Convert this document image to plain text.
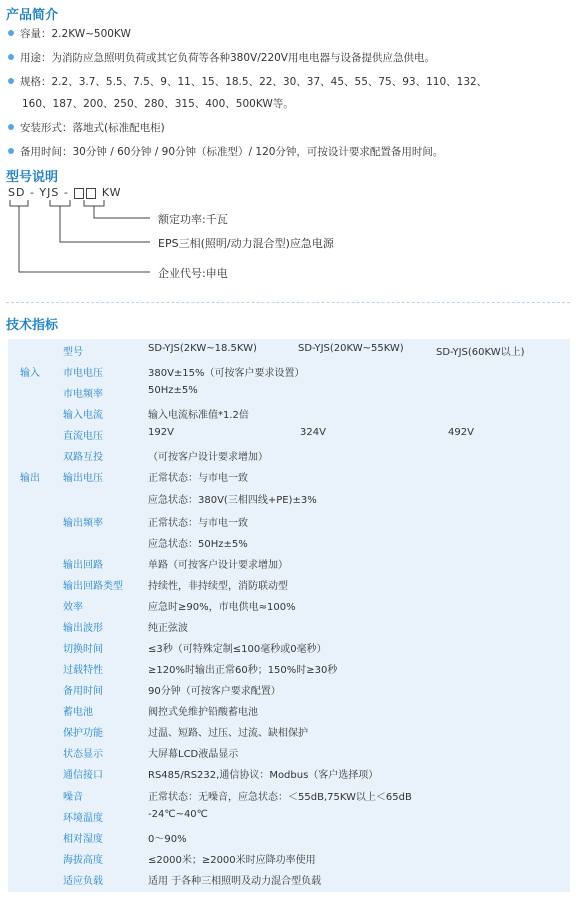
产品简介
容量：2.2KW~500KW
用途：为消防应急照明负荷或其它负荷等各种380V/220V用电电器与设备提供应急供电。
规格：2.2、3.7、5.5、7.5、9、11、15、18.5、22、30、37、45、55、75、93、110、132、
160、187、200、250、280、315、400、500KW等。
安装形式：落地式(标准配电柜)
备用时间：30分钟 / 60分钟 / 90分钟（标准型）/ 120分钟，可按设计要求配置备用时间。
型号说明
SD - YJS -  KW
额定功率:千瓦
EPS三相(照明/动力混合型)应急电源
企业代号:申电
技术指标
型号	SD-YJS(2KW~18.5KW)	SD-YJS(20KW~55KW)	SD-YJS(60KW以上)
输入 市电电压	380V±15%（可按客户要求设置）
市电频率	50Hz±5%
输入电流	输入电流标准值*1.2倍
直流电压	192V	324V	492V
双路互投	（可按客户设计要求增加）
输出 输出电压	正常状态：与市电一致
应急状态：380V(三相四线+PE)±3%
输出频率	正常状态：与市电一致
应急状态：50Hz±5%
输出回路	单路（可按客户设计要求增加）
输出回路类型	持续性，非持续型，消防联动型
效率	应急时≥90%，市电供电≈100%
输出波形	纯正弦波
切换时间	≤3秒（可特殊定制≤100毫秒或0毫秒）
过载特性	≥120%时输出正常60秒；150%时≥30秒
备用时间	90分钟（可按客户要求配置）
蓄电池	阀控式免维护铅酸蓄电池
保护功能	过温、短路、过压、过流、缺相保护
状态显示	大屏幕LCD液晶显示
通信接口	RS485/RS232,通信协议：Modbus（客户选择项）
噪音	正常状态：无噪音，应急状态：＜55dB,75KW以上＜65dB
环境温度	-24℃~40℃
相对湿度	0～90%
海拔高度	≤2000米；≥2000米时应降功率使用
适应负载	适用 于各种三相照明及动力混合型负载
